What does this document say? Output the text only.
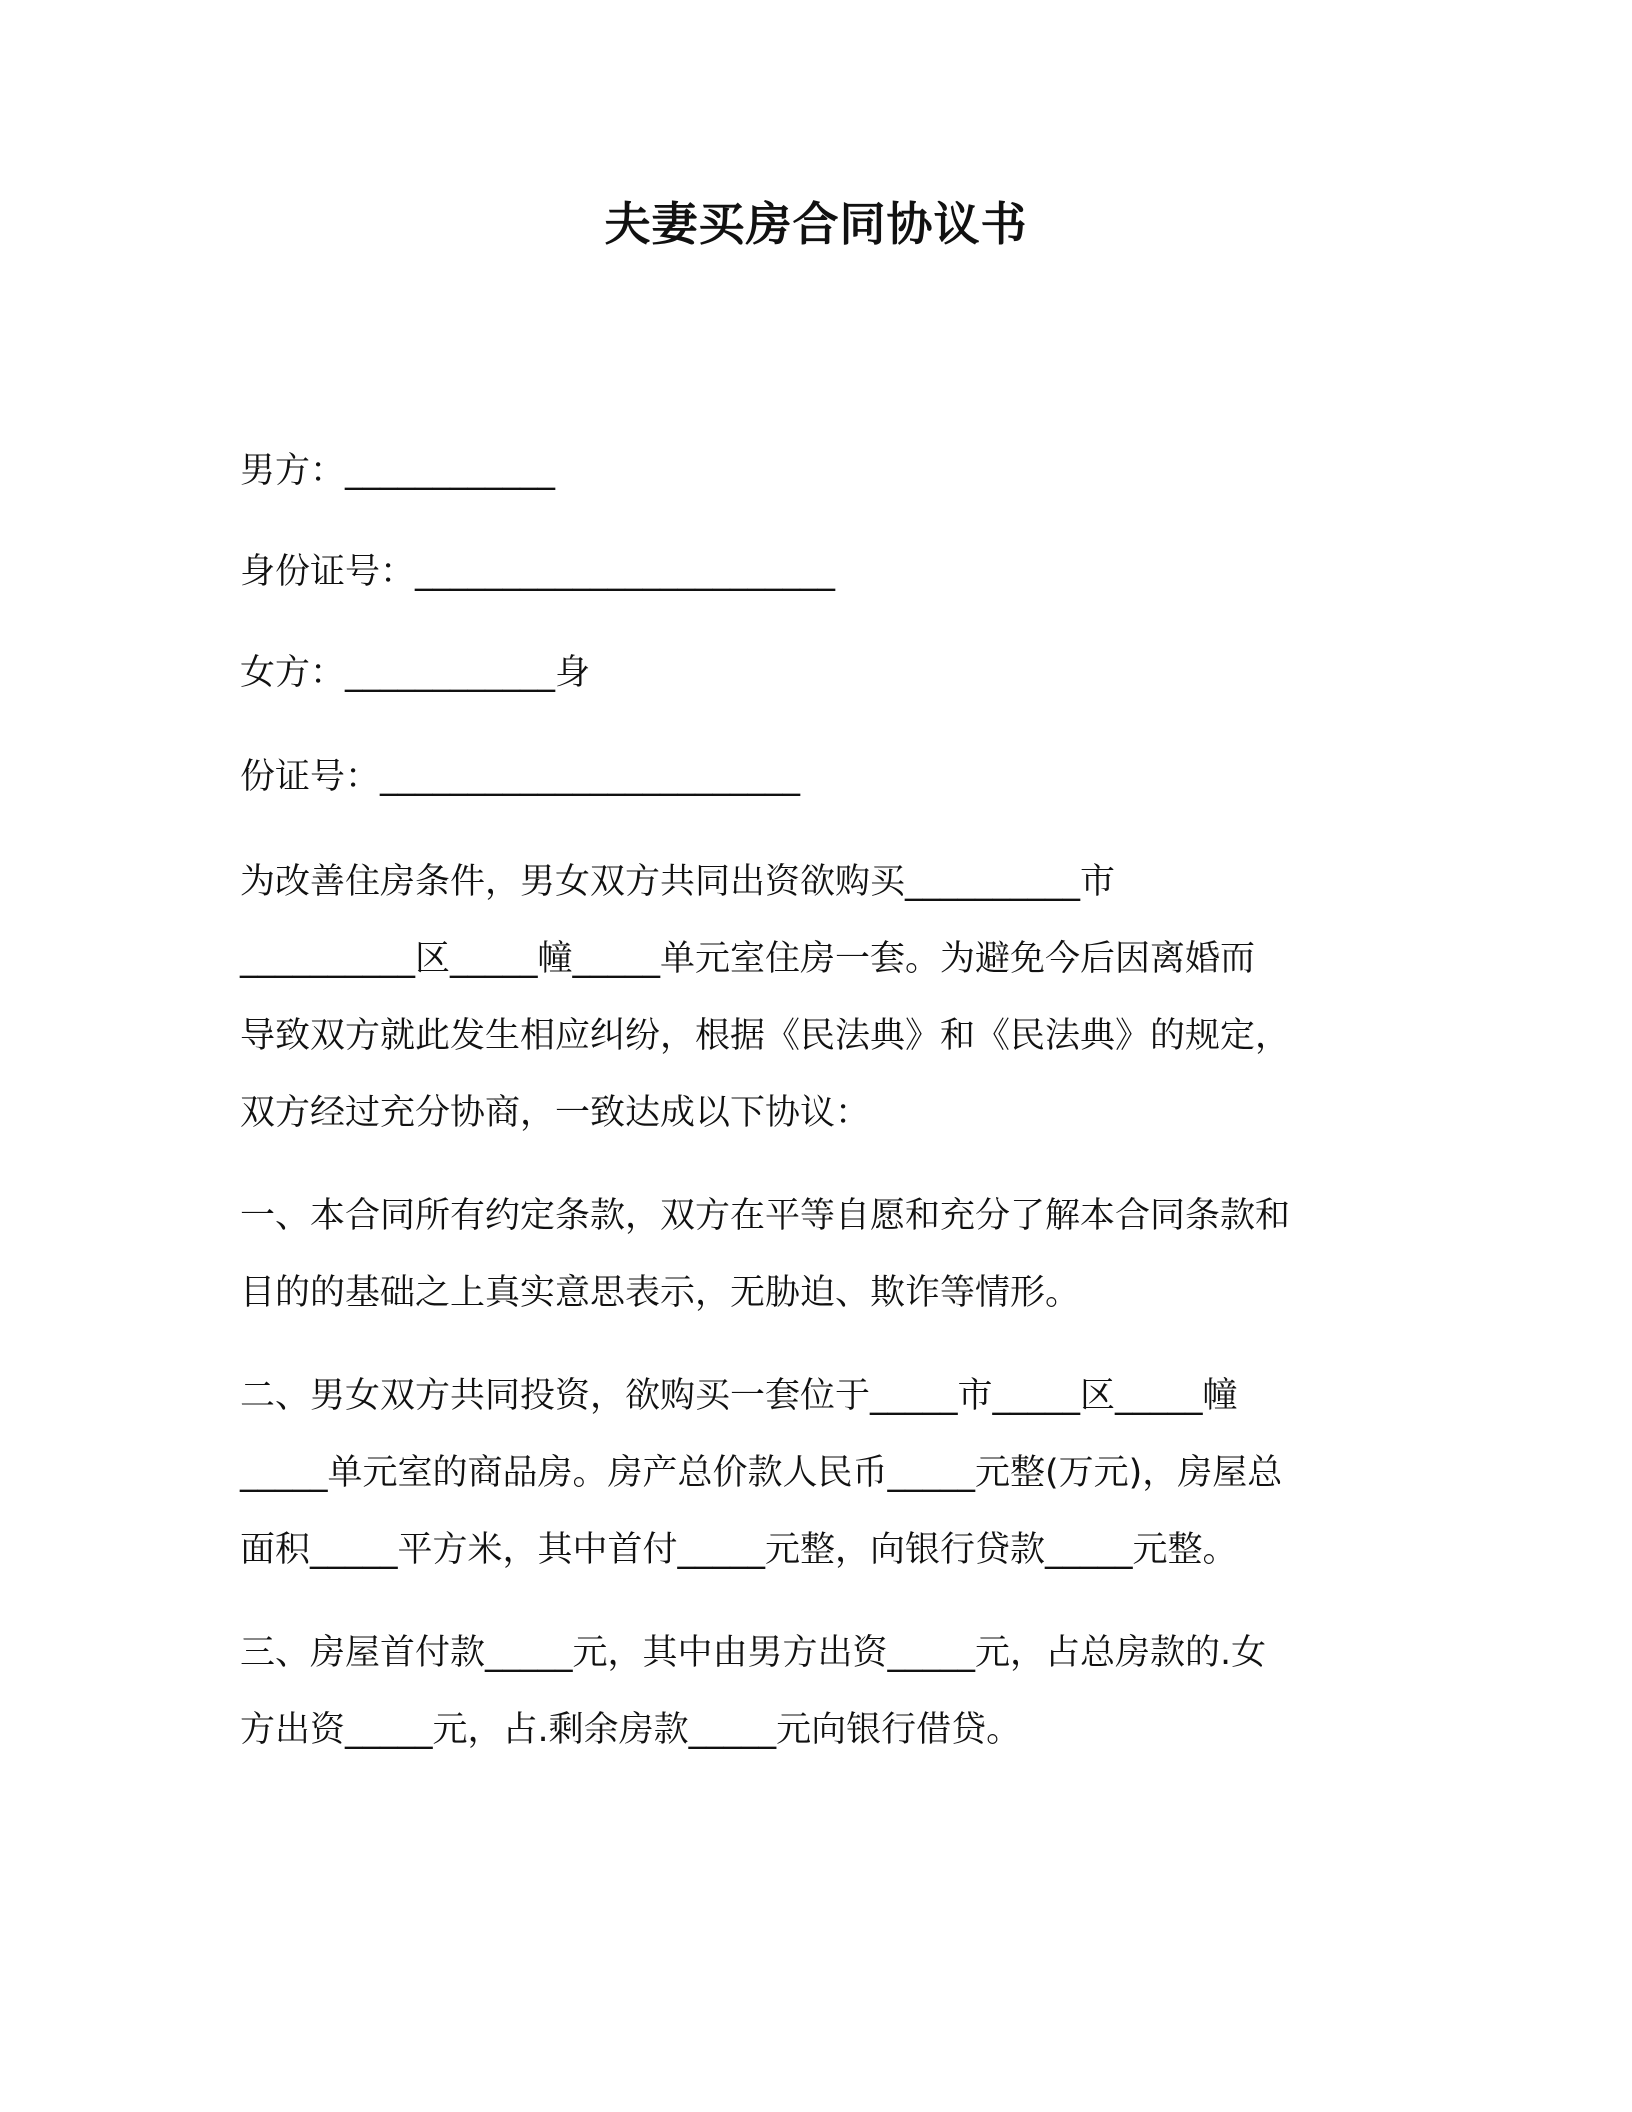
夫妻买房合同协议书
男方：____________
身份证号：________________________
女方：____________身
份证号：________________________
为改善住房条件，男女双方共同出资欲购买__________市
__________区_____幢_____单元室住房一套。为避免今后因离婚而
导致双方就此发生相应纠纷，根据《民法典》和《民法典》的规定，
双方经过充分协商，一致达成以下协议：
一、本合同所有约定条款，双方在平等自愿和充分了解本合同条款和
目的的基础之上真实意思表示，无胁迫、欺诈等情形。
二、男女双方共同投资，欲购买一套位于_____市_____区_____幢
_____单元室的商品房。房产总价款人民币_____元整(万元)，房屋总
面积_____平方米，其中首付_____元整，向银行贷款_____元整。
三、房屋首付款_____元，其中由男方出资_____元，占总房款的.女
方出资_____元，占.剩余房款_____元向银行借贷。
